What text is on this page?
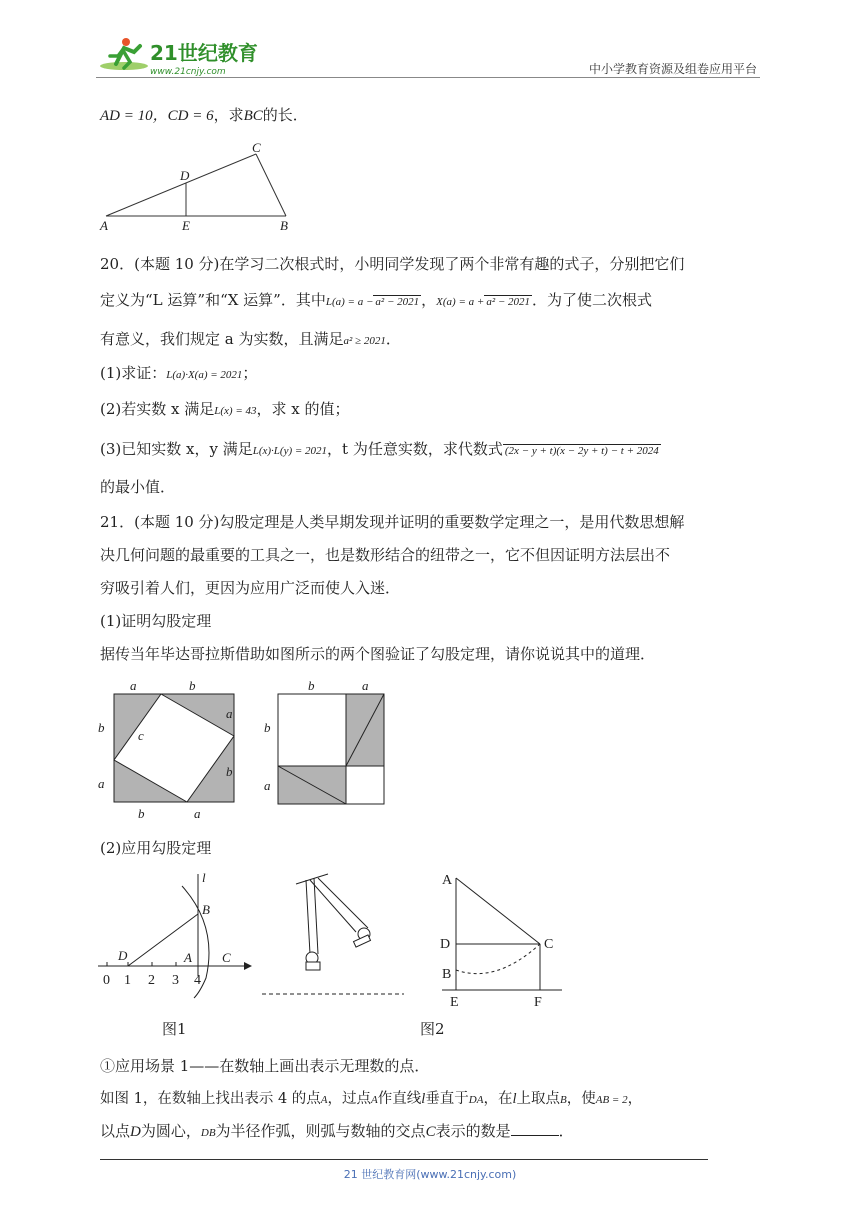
21世纪教育
www.21cnjy.com	中小学教育资源及组卷应用平台
AD = 10，CD = 6，求BC的长．
A	B
C
D
E
20．(本题 10 分)在学习二次根式时，小明同学发现了两个非常有趣的式子，分别把它们
定义为“L 运算”和“X 运算”．其中L(a) = a − a² − 2021 ，X(a) = a + a² − 2021 ．为了使二次根式
有意义，我们规定 a 为实数，且满足a² ≥ 2021．
(1)求证：L(a)·X(a) = 2021；
(2)若实数 x 满足L(x) = 43，求 x 的值；
(3)已知实数 x，y 满足L(x)·L(y) = 2021，t 为任意实数，求代数式 (2x − y + t)(x − 2y + t) − t + 2024
的最小值．
21．(本题 10 分)勾股定理是人类早期发现并证明的重要数学定理之一，是用代数思想解
决几何问题的最重要的工具之一，也是数形结合的纽带之一，它不但因证明方法层出不
穷吸引着人们，更因为应用广泛而使人入迷．
(1)证明勾股定理
据传当年毕达哥拉斯借助如图所示的两个图验证了勾股定理，请你说说其中的道理．
a	b
a
b
b	a
b
a
c
b	a
b
a
(2)应用勾股定理
0 1 2 3 4
D	A
B
C
l	A
D	C
B
E	F
图1	图2
①应用场景 1——在数轴上画出表示无理数的点．
如图 1，在数轴上找出表示 4 的点A，过点A作直线l垂直于DA，在l上取点B，使AB = 2，
以点D为圆心，DB为半径作弧，则弧与数轴的交点C表示的数是	．
21 世纪教育网(www.21cnjy.com)
